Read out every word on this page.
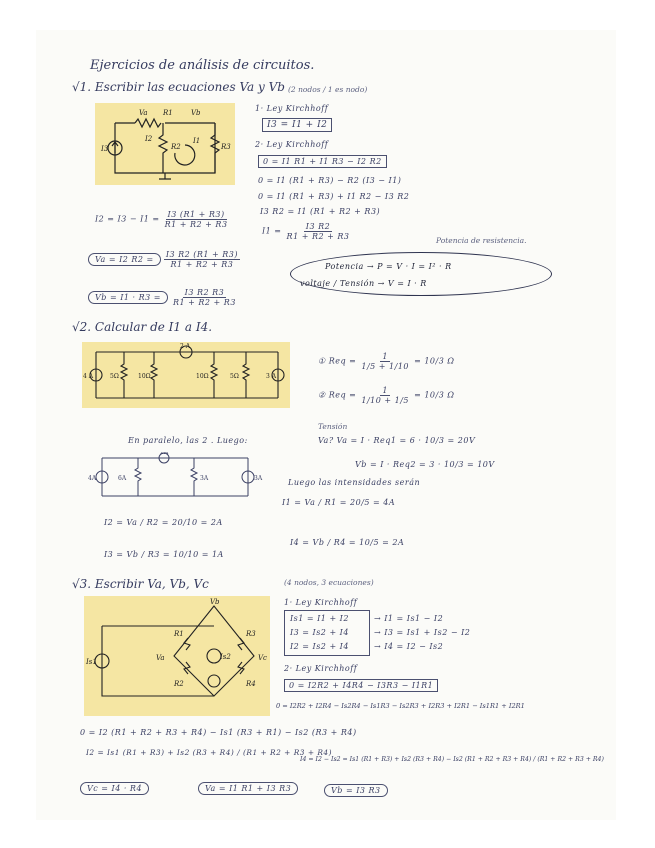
Ejercicios de análisis de circuitos.
√1. Escribir las ecuaciones Va y Vb (2 nodos / 1 es nodo)
Va R1	Vb
I3
I2
R2	R3
I1
1· Ley Kirchhoff
I3 = I1 + I2
2· Ley Kirchhoff
0 = I1 R1 + I1 R3 − I2 R2
0 = I1 (R1 + R3) − R2 (I3 − I1)
0 = I1 (R1 + R3) + I1 R2 − I3 R2
I3 R2 = I1 (R1 + R2 + R3)
$I1 = \frac{I3 R2}{R1 + R2 + R3}$
$I2 = I3 - I1 = \frac{I3 (R1 + R3)}{R1 + R2 + R3}$
Va = I2 $R2 = \frac{I3 R2 (R1 + R3)}{R1 + R2 + R3}$
$Vb = I1 \cdot R3 = \frac{I3 R2 R3}{R1 + R2 + R3}$
Potencia de resistencia.
Potencia → P = V · I = I² · R
voltaje / Tensión → V = I · R
√2. Calcular de I1 a I4.
4 A	3 A
2 A
5Ω	10Ω	10Ω	5Ω
① Req = $\frac{1}{1/5 + 1/10} = 10/3$ Ω
② Req = $\frac{1}{1/10 + 1/5} = 10/3$ Ω
Tensión
Va? Va = I · Req1 = 6 · 10/3 = 20V
Vb = I · Req2 = 3 · 10/3 = 10V
En paralelo, las 2 . Luego:
4A	3A
2A
6A	3A	Luego las intensidades serán
I1 = Va / R1 = 20/5 = 4A
I2 = Va / R2 = 20/10 = 2A
I4 = Vb / R4 = 10/5 = 2A
I3 = Vb / R3 = 10/10 = 1A
√3. Escribir Va, Vb, Vc	(4 nodos, 3 ecuaciones)
Is1
Vb
Va	Vc
R1	R3
R2	R4
Is2
1· Ley Kirchhoff
Is1 = I1 + I2	→ I1 = Is1 − I2
I3 = Is2 + I4	→ I3 = Is1 + Is2 − I2
I2 = Is2 + I4	→ I4 = I2 − Is2
2· Ley Kirchhoff
0 = I2R2 + I4R4 − I3R3 − I1R1
0 = I2R2 + I2R4 − Is2R4 − Is1R3 − Is2R3 + I2R3 + I2R1 − Is1R1 + I2R1
0 = I2 (R1 + R2 + R3 + R4) − Is1 (R3 + R1) − Is2 (R3 + R4)
I2 = Is1 (R1 + R3) + Is2 (R3 + R4) / (R1 + R2 + R3 + R4)
I4 = I2 − Is2 = Is1 (R1 + R3) + Is2 (R3 + R4) − Is2 (R1 + R2 + R3 + R4) / (R1 + R2 + R3 + R4)
Vc = I4 · R4	Va = I1 R1 + I3 R3	Vb = I3 R3
